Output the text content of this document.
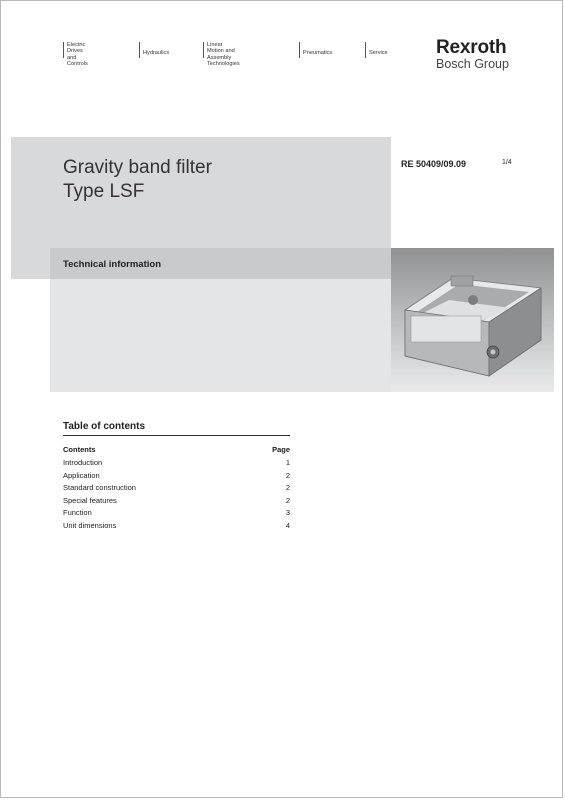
Electric Drives
and Controls
Hydraulics
Linear Motion and
Assembly Technologies
Pneumatics	Service	Rexroth
Bosch Group
Gravity band filter
Type LSF
Technical information
RE 50409/09.09	1/4
Table of contents
Contents	Page
Introduction	1
Application	2
Standard construction	2
Special features	2
Function	3
Unit dimensions	4
